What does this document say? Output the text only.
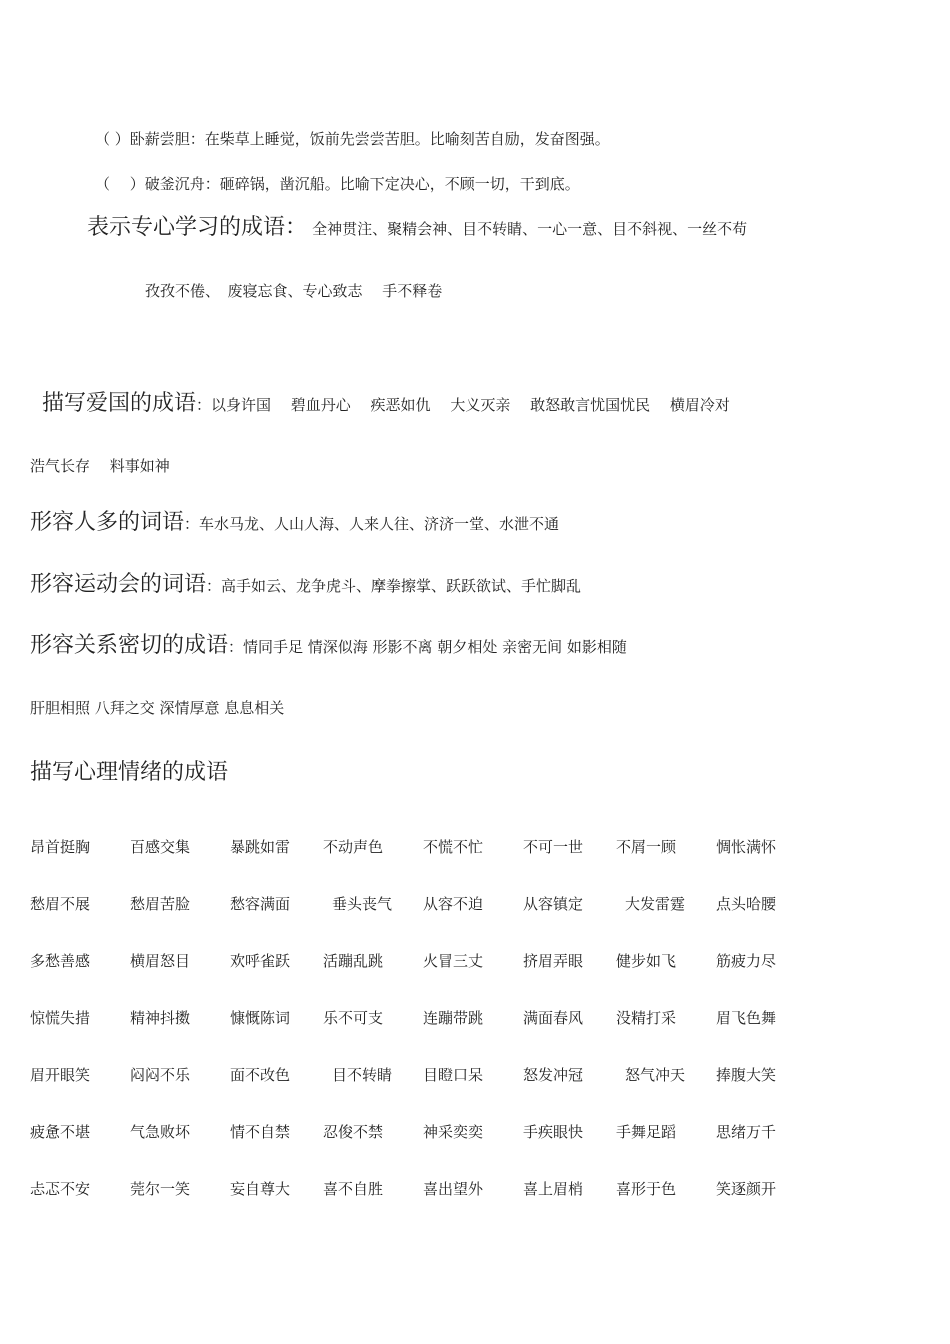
（ ）卧薪尝胆：在柴草上睡觉，饭前先尝尝苦胆。比喻刻苦自励，发奋图强。
（　 ）破釜沉舟：砸碎锅，凿沉船。比喻下定决心，不顾一切，干到底。
表示专心学习的成语： 全神贯注、聚精会神、目不转睛、一心一意、目不斜视、一丝不苟
孜孜不倦、　废寝忘食、专心致志　 手不释卷
描写爱国的成语：以身许国　 碧血丹心　 疾恶如仇　 大义灭亲　 敢怒敢言忧国忧民　 横眉冷对
浩气长存　 料事如神
形容人多的词语：车水马龙、人山人海、人来人往、济济一堂、水泄不通
形容运动会的词语：高手如云、龙争虎斗、摩拳擦掌、跃跃欲试、手忙脚乱
形容关系密切的成语：情同手足 情深似海 形影不离 朝夕相处 亲密无间 如影相随
肝胆相照 八拜之交 深情厚意 息息相关
描写心理情绪的成语
昂首挺胸	百感交集	暴跳如雷 不动声色	不慌不忙	不可一世 不屑一顾	惆怅满怀
愁眉不展	愁眉苦脸	愁容满面	垂头丧气 从容不迫	从容镇定	大发雷霆 点头哈腰
多愁善感	横眉怒目	欢呼雀跃 活蹦乱跳	火冒三丈	挤眉弄眼 健步如飞	筋疲力尽
惊慌失措	精神抖擞	慷慨陈词 乐不可支	连蹦带跳	满面春风 没精打采	眉飞色舞
眉开眼笑	闷闷不乐	面不改色	目不转睛 目瞪口呆	怒发冲冠	怒气冲天 捧腹大笑
疲惫不堪	气急败坏	情不自禁 忍俊不禁	神采奕奕	手疾眼快 手舞足蹈	思绪万千
忐忑不安	莞尔一笑	妄自尊大 喜不自胜	喜出望外	喜上眉梢 喜形于色	笑逐颜开
